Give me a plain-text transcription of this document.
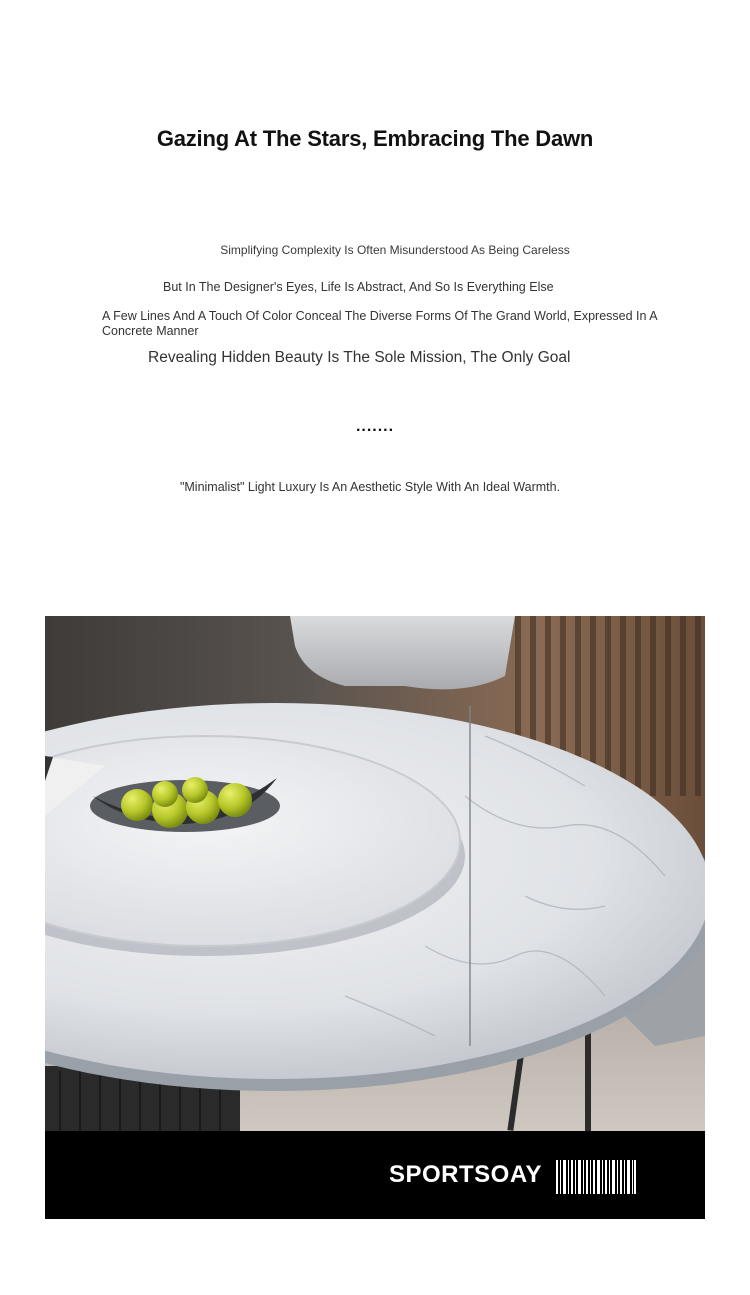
Gazing At The Stars, Embracing The Dawn
Simplifying Complexity Is Often Misunderstood As Being Careless
But In The Designer's Eyes, Life Is Abstract, And So Is Everything Else
A Few Lines And A Touch Of Color Conceal The Diverse Forms Of The Grand World, Expressed In A Concrete Manner
Revealing Hidden Beauty Is The Sole Mission, The Only Goal
.......
"Minimalist" Light Luxury Is An Aesthetic Style With An Ideal Warmth.
SPORTSOAY
